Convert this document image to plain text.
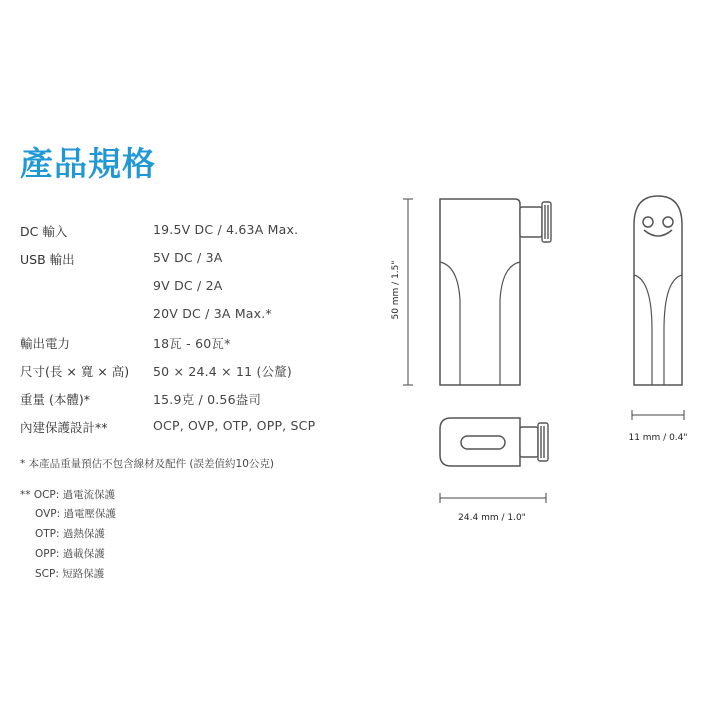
產品規格
DC 輸入	19.5V DC / 4.63A Max.
USB 輸出	5V DC / 3A
9V DC / 2A
20V DC / 3A Max.*
輸出電力	18瓦 - 60瓦*
尺寸(長 × 寬 × 高) 50 × 24.4 × 11 (公釐)
重量 (本體)*	15.9克 / 0.56盎司
內建保護設計**	OCP, OVP, OTP, OPP, SCP
* 本產品重量預估不包含線材及配件 (誤差值約10公克)
** OCP: 過電流保護
OVP: 過電壓保護
OTP: 過熱保護
OPP: 過載保護
SCP: 短路保護
50 mm / 1.5"
11 mm / 0.4"
24.4 mm / 1.0"
